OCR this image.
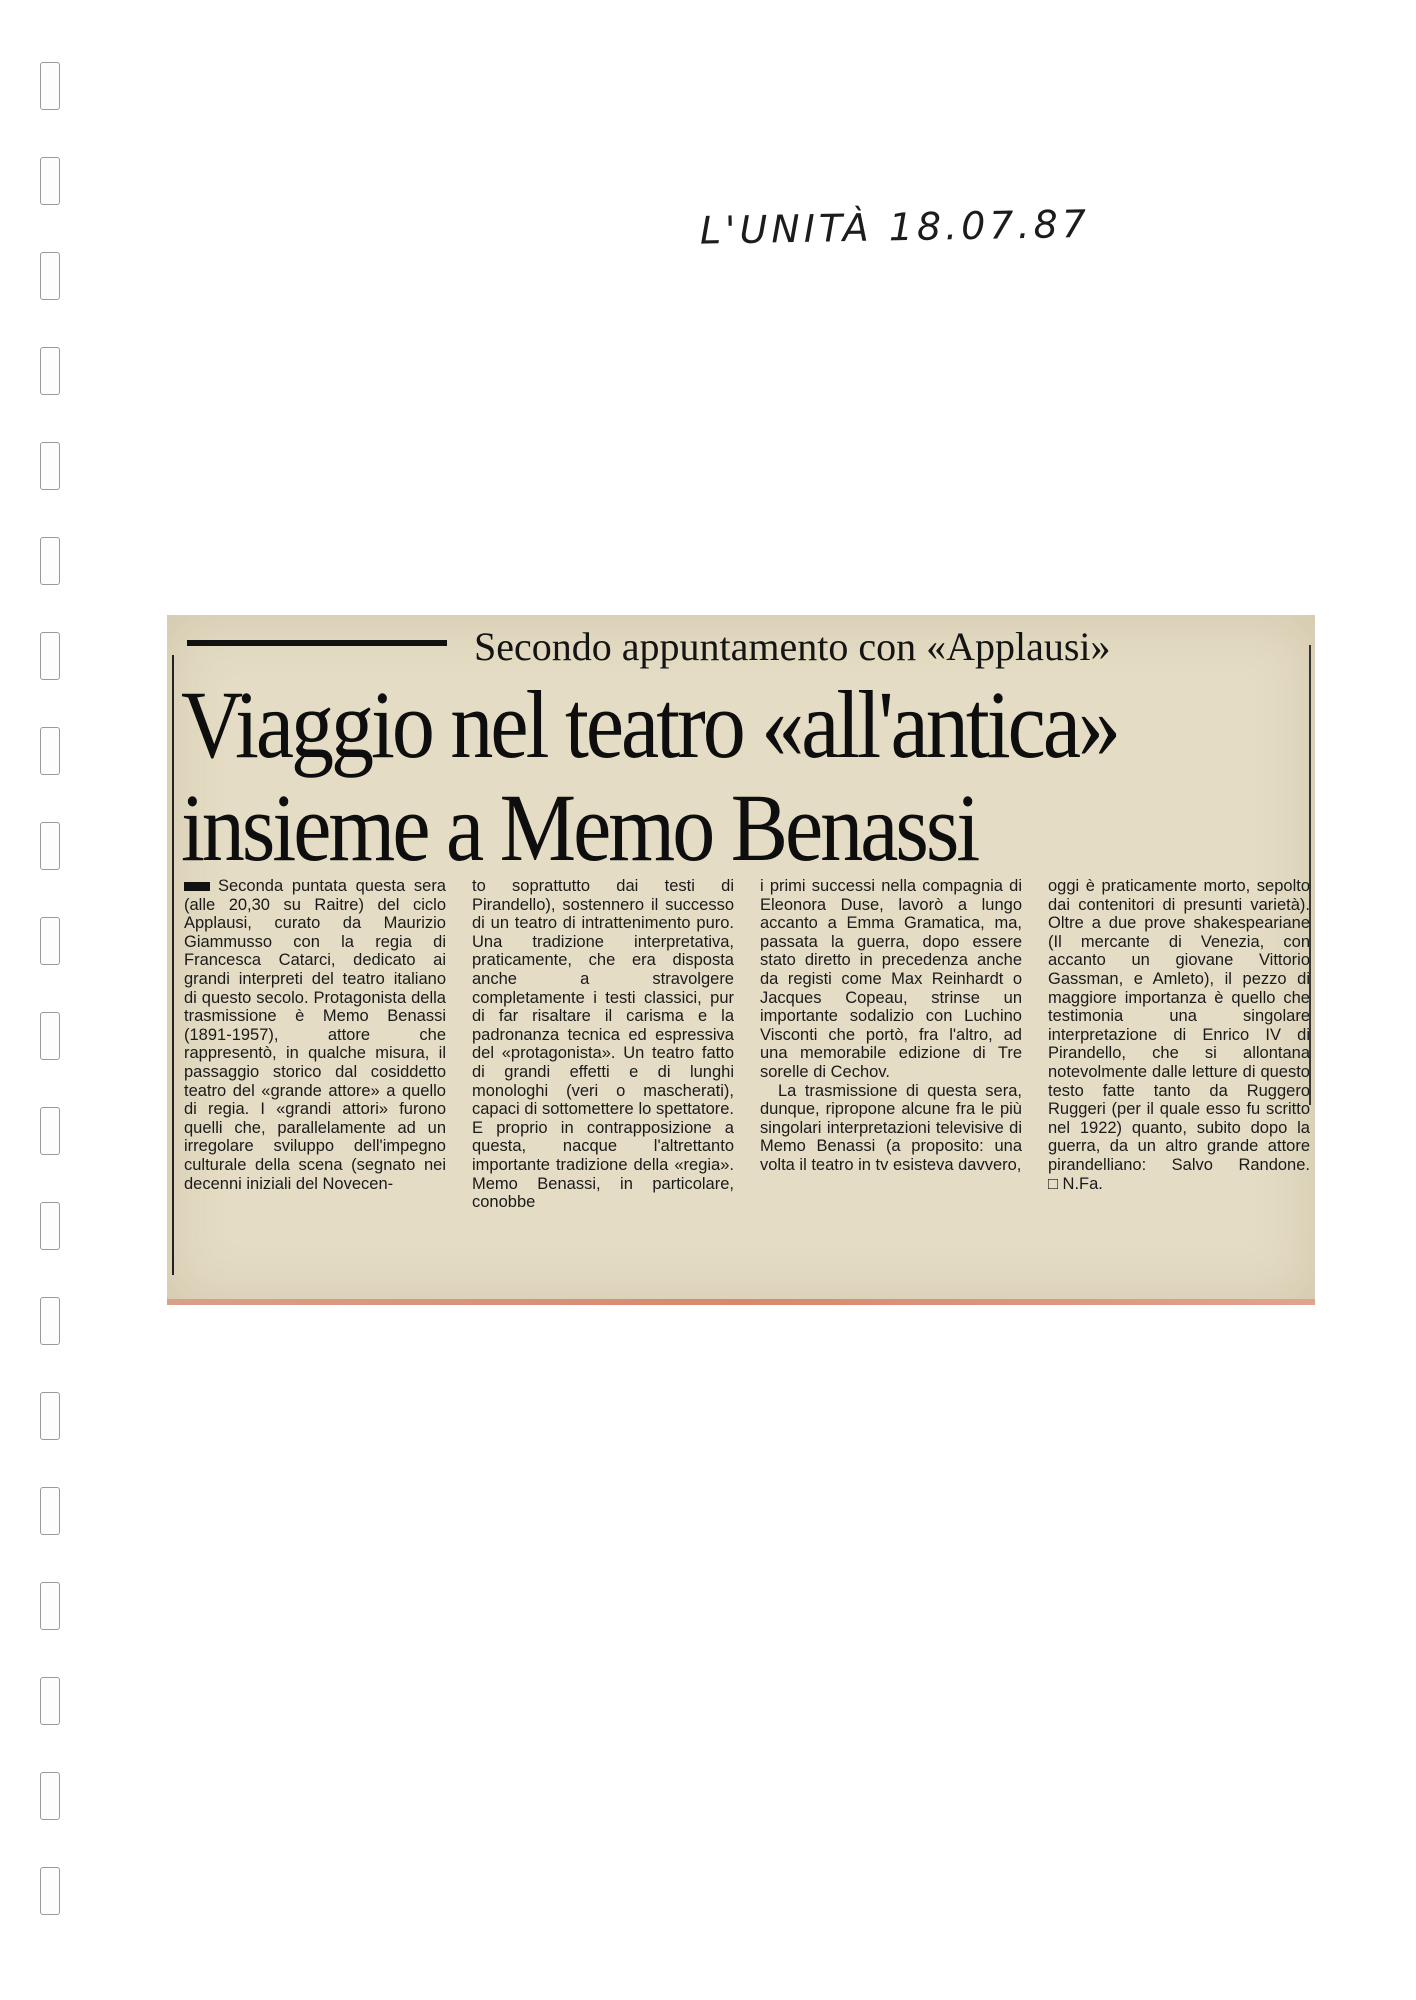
L'UNITÀ 18.07.87
Secondo appuntamento con «Applausi»
Viaggio nel teatro «all'antica»
insieme a Memo Benassi

Seconda puntata questa sera (alle 20,30 su Raitre) del ciclo Applausi, curato da Maurizio Giammusso con la regia di Francesca Catarci, dedicato ai grandi interpreti del teatro italiano di questo secolo. Protagonista della trasmissione è Memo Benassi (1891-1957), attore che rappresentò, in qualche misura, il passaggio storico dal cosiddetto teatro del «grande attore» a quello di regia. I «grandi attori» furono quelli che, parallelamente ad un irregolare sviluppo dell'impegno culturale della scena (segnato nei decenni iniziali del Novecen-

to soprattutto dai testi di Pirandello), sostennero il successo di un teatro di intrattenimento puro. Una tradizione interpretativa, praticamente, che era disposta anche a stravolgere completamente i testi classici, pur di far risaltare il carisma e la padronanza tecnica ed espressiva del «protagonista». Un teatro fatto di grandi effetti e di lunghi monologhi (veri o mascherati), capaci di sottomettere lo spettatore. E proprio in contrapposizione a questa, nacque l'altrettanto importante tradizione della «regia». Memo Benassi, in particolare, conobbe

i primi successi nella compagnia di Eleonora Duse, lavorò a lungo accanto a Emma Gramatica, ma, passata la guerra, dopo essere stato diretto in precedenza anche da registi come Max Reinhardt o Jacques Copeau, strinse un importante sodalizio con Luchino Visconti che portò, fra l'altro, ad una memorabile edizione di Tre sorelle di Cechov.

La trasmissione di questa sera, dunque, ripropone alcune fra le più singolari interpretazioni televisive di Memo Benassi (a proposito: una volta il teatro in tv esisteva davvero,

oggi è praticamente morto, sepolto dai contenitori di presunti varietà). Oltre a due prove shakespeariane (Il mercante di Venezia, con accanto un giovane Vittorio Gassman, e Amleto), il pezzo di maggiore importanza è quello che testimonia una singolare interpretazione di Enrico IV di Pirandello, che si allontana notevolmente dalle letture di questo testo fatte tanto da Ruggero Ruggeri (per il quale esso fu scritto nel 1922) quanto, subito dopo la guerra, da un altro grande attore pirandelliano: Salvo Randone. □ N.Fa.
